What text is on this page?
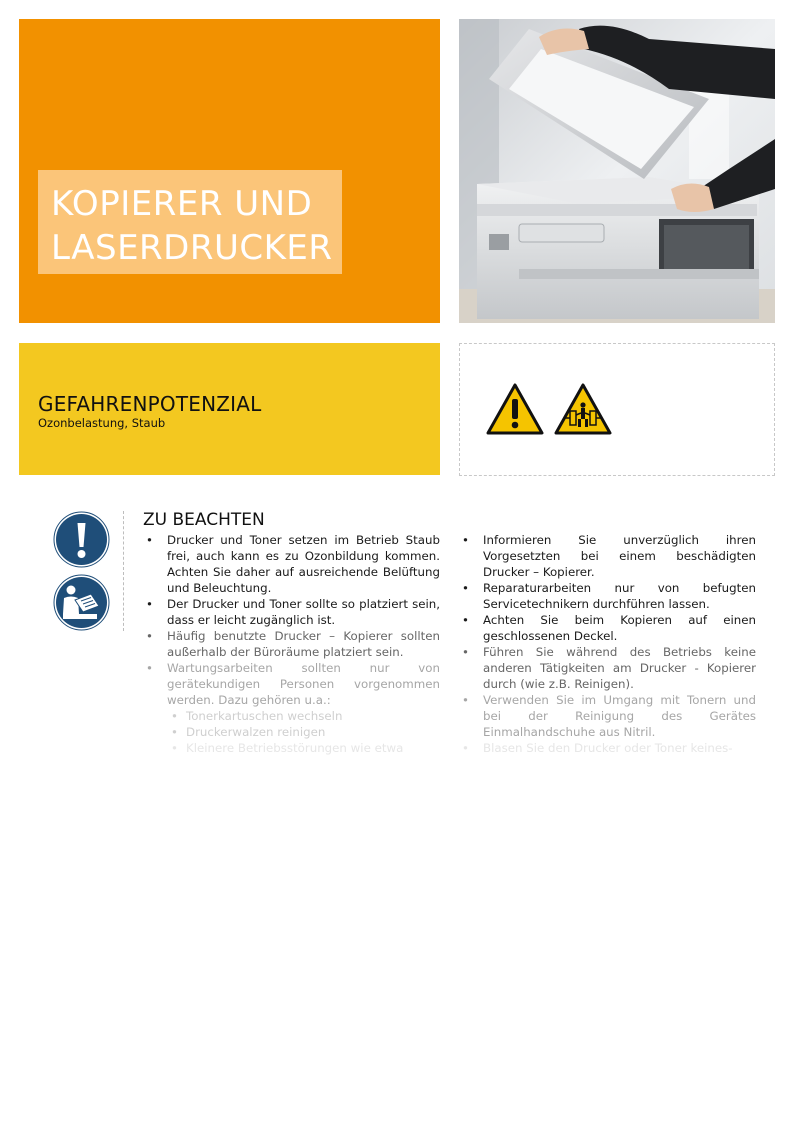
KOPIERER UND
LASERDRUCKER
GEFAHRENPOTENZIAL
Ozonbelastung, Staub
ZU BEACHTEN
• Drucker und Toner setzen im Betrieb Staub frei, auch kann es zu Ozonbildung kommen. Achten Sie daher auf ausreichende Belüftung und Beleuchtung.
• Der Drucker und Toner sollte so platziert sein, dass er leicht zugänglich ist.
• Häufig benutzte Drucker – Kopierer sollten außerhalb der Büroräume platziert sein.
• Wartungsarbeiten sollten nur von gerätekundigen Personen vorgenommen werden. Dazu gehören u.a.:
• Tonerkartuschen wechseln
• Druckerwalzen reinigen
• Kleinere Betriebsstörungen wie etwa
• Informieren Sie unverzüglich ihren Vorgesetzten bei einem beschädigten Drucker – Kopierer.
• Reparaturarbeiten nur von befugten Servicetechnikern durchführen lassen.
• Achten Sie beim Kopieren auf einen geschlossenen Deckel.
• Führen Sie während des Betriebs keine anderen Tätigkeiten am Drucker - Kopierer durch (wie z.B. Reinigen).
• Verwenden Sie im Umgang mit Tonern und bei der Reinigung des Gerätes Einmalhandschuhe aus Nitril.
• Blasen Sie den Drucker oder Toner keines-
